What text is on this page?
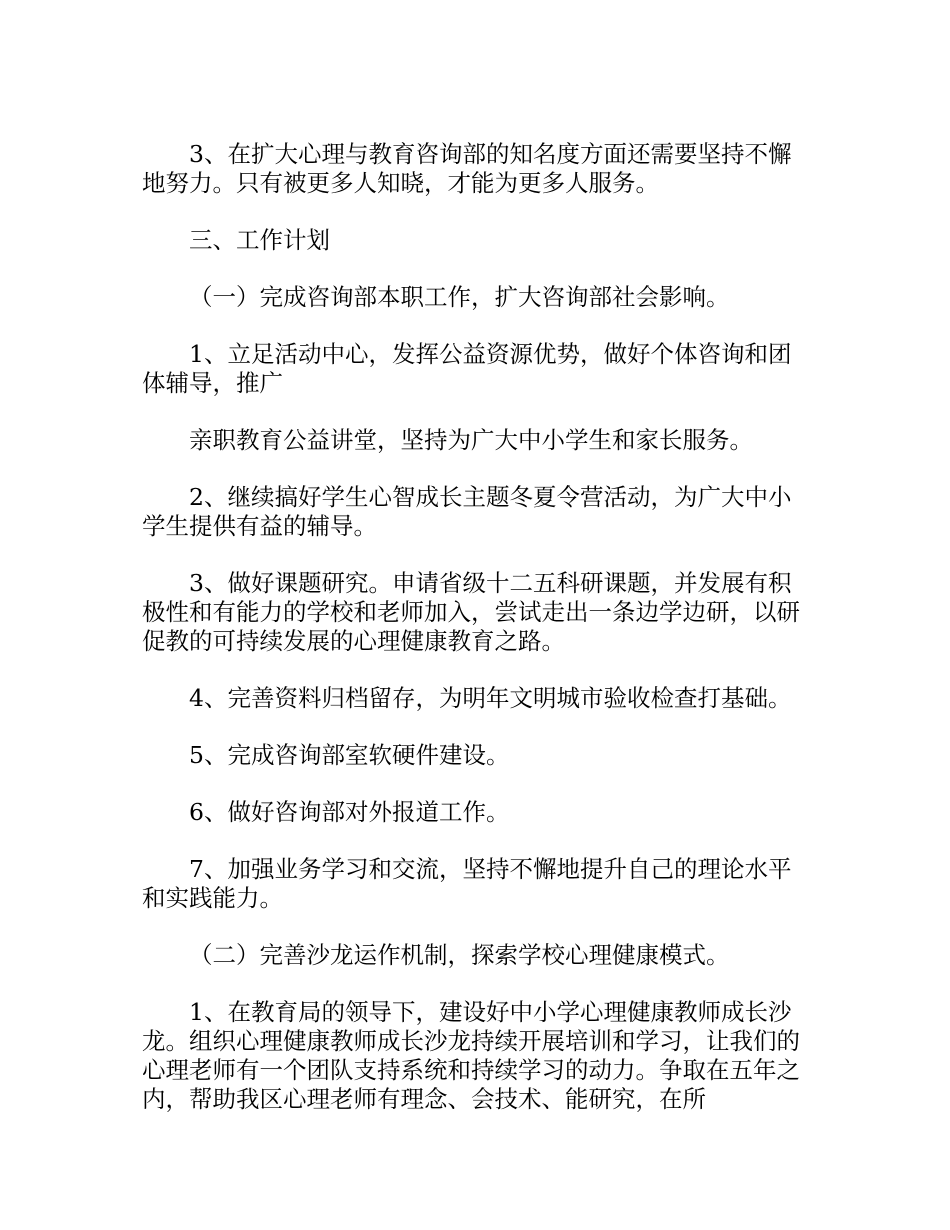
3、在扩大心理与教育咨询部的知名度方面还需要坚持不懈地努力。只有被更多人知晓，才能为更多人服务。

三、工作计划

（一）完成咨询部本职工作，扩大咨询部社会影响。

1、立足活动中心，发挥公益资源优势，做好个体咨询和团体辅导，推广

亲职教育公益讲堂，坚持为广大中小学生和家长服务。

2、继续搞好学生心智成长主题冬夏令营活动，为广大中小学生提供有益的辅导。

3、做好课题研究。申请省级十二五科研课题，并发展有积极性和有能力的学校和老师加入，尝试走出一条边学边研，以研促教的可持续发展的心理健康教育之路。

4、完善资料归档留存，为明年文明城市验收检查打基础。

5、完成咨询部室软硬件建设。

6、做好咨询部对外报道工作。

7、加强业务学习和交流，坚持不懈地提升自己的理论水平和实践能力。

（二）完善沙龙运作机制，探索学校心理健康模式。

1、在教育局的领导下，建设好中小学心理健康教师成长沙龙。组织心理健康教师成长沙龙持续开展培训和学习，让我们的心理老师有一个团队支持系统和持续学习的动力。争取在五年之内，帮助我区心理老师有理念、会技术、能研究，在所
